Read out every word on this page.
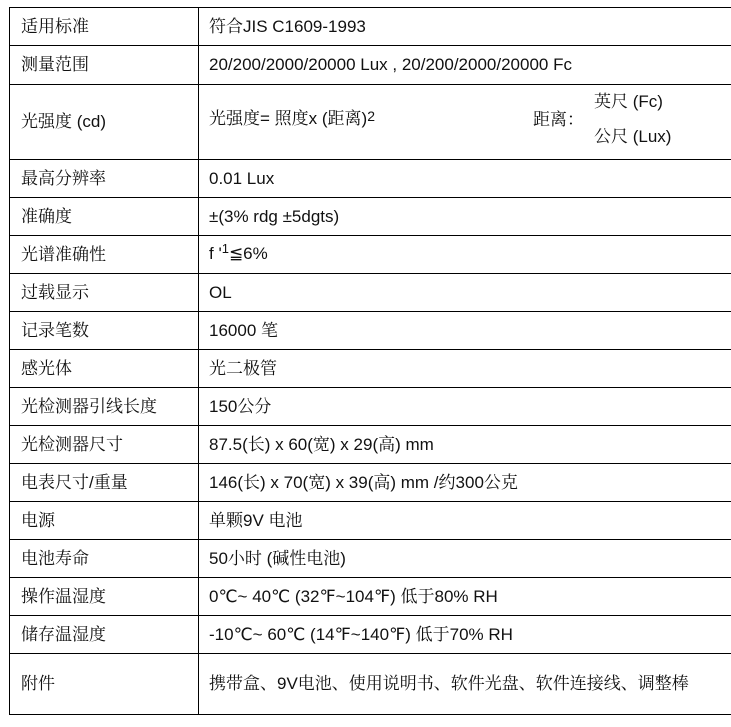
适用标准	符合JIS C1609-1993
测量范围	20/200/2000/20000 Lux , 20/200/2000/20000 Fc
光强度 (cd)	光强度= 照度x (距离)$^2$ 距离：
英尺 (Fc)
公尺 (Lux)

最高分辨率	0.01 Lux
准确度	±(3% rdg ±5dgts)
光谱准确性	f '$^1≦6\%$
过载显示	OL
记录笔数	16000 笔
感光体	光二极管
光检测器引线长度	150公分
光检测器尺寸	87.5(长) x 60(宽) x 29(高) mm
电表尺寸/重量	146(长) x 70(宽) x 39(高) mm /约300公克
电源	单颗9V 电池
电池寿命	50小时 (碱性电池)
操作温湿度	0℃~ 40℃ (32℉~104℉) 低于80% RH
储存温湿度	-10℃~ 60℃ (14℉~140℉) 低于70% RH
附件	携带盒、9V电池、使用说明书、软件光盘、软件连接线、调整棒
